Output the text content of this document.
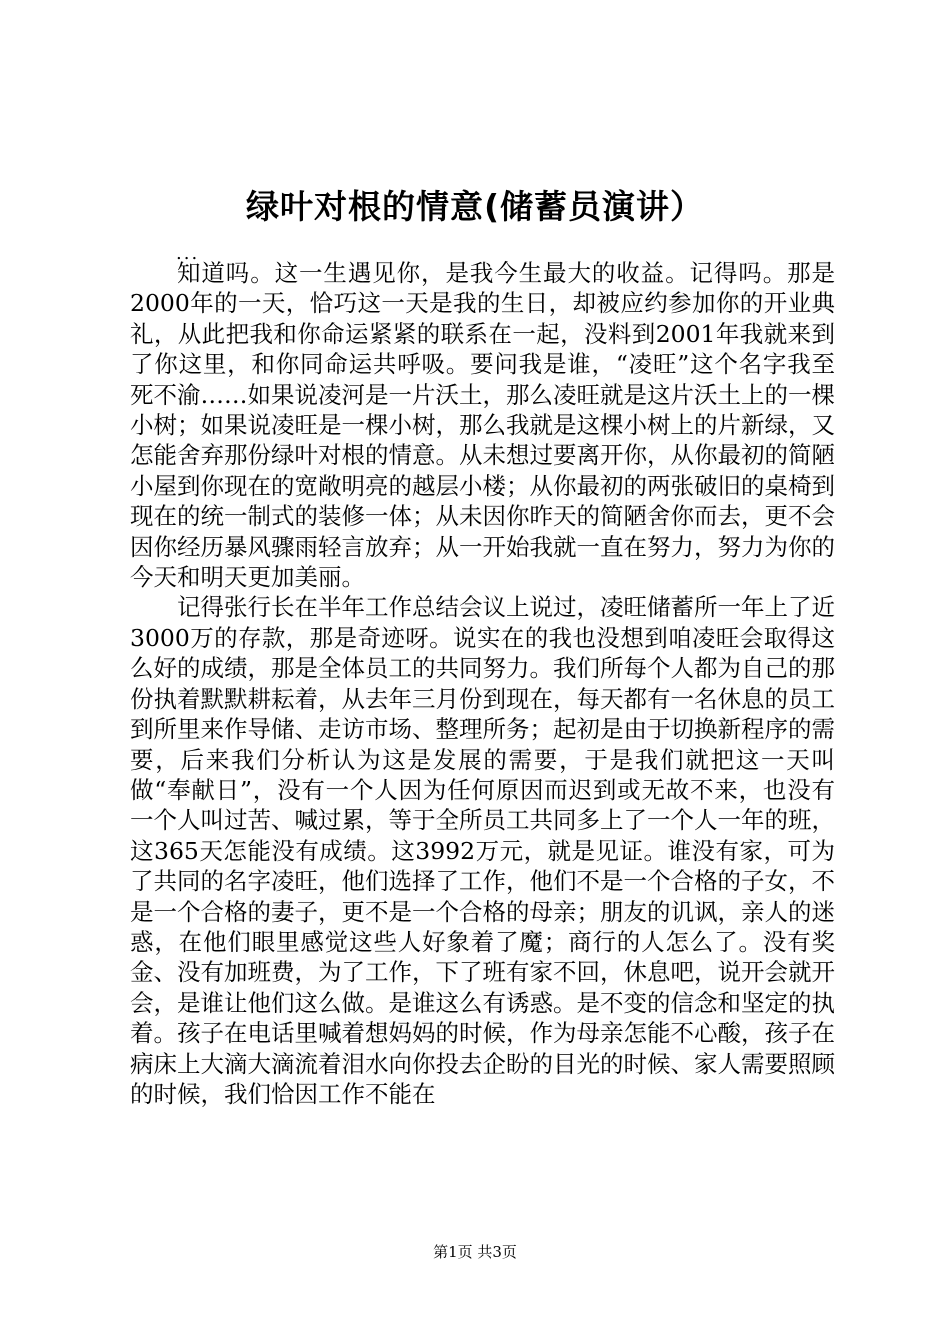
绿叶对根的情意(储蓄员演讲）
...

知道吗。这一生遇见你，是我今生最大的收益。记得吗。那是2000年的一天，恰巧这一天是我的生日，却被应约参加你的开业典礼，从此把我和你命运紧紧的联系在一起，没料到2001年我就来到了你这里，和你同命运共呼吸。要问我是谁，“凌旺”这个名字我至死不渝……如果说凌河是一片沃土，那么凌旺就是这片沃土上的一棵小树；如果说凌旺是一棵小树，那么我就是这棵小树上的片新绿，又怎能舍弃那份绿叶对根的情意。从未想过要离开你，从你最初的简陋小屋到你现在的宽敞明亮的越层小楼；从你最初的两张破旧的桌椅到现在的统一制式的装修一体；从未因你昨天的简陋舍你而去，更不会因你经历暴风骤雨轻言放弃；从一开始我就一直在努力，努力为你的今天和明天更加美丽。

记得张行长在半年工作总结会议上说过，凌旺储蓄所一年上了近3000万的存款，那是奇迹呀。说实在的我也没想到咱凌旺会取得这么好的成绩，那是全体员工的共同努力。我们所每个人都为自己的那份执着默默耕耘着，从去年三月份到现在，每天都有一名休息的员工到所里来作导储、走访市场、整理所务；起初是由于切换新程序的需要，后来我们分析认为这是发展的需要，于是我们就把这一天叫做“奉献日”，没有一个人因为任何原因而迟到或无故不来，也没有一个人叫过苦、喊过累，等于全所员工共同多上了一个人一年的班，这365天怎能没有成绩。这3992万元，就是见证。谁没有家，可为了共同的名字凌旺，他们选择了工作，他们不是一个合格的子女，不是一个合格的妻子，更不是一个合格的母亲；朋友的讥讽，亲人的迷惑，在他们眼里感觉这些人好象着了魔；商行的人怎么了。没有奖金、没有加班费，为了工作，下了班有家不回，休息吧，说开会就开会，是谁让他们这么做。是谁这么有诱惑。是不变的信念和坚定的执着。孩子在电话里喊着想妈妈的时候，作为母亲怎能不心酸，孩子在病床上大滴大滴流着泪水向你投去企盼的目光的时候、家人需要照顾的时候，我们恰因工作不能在

第1页 共3页
